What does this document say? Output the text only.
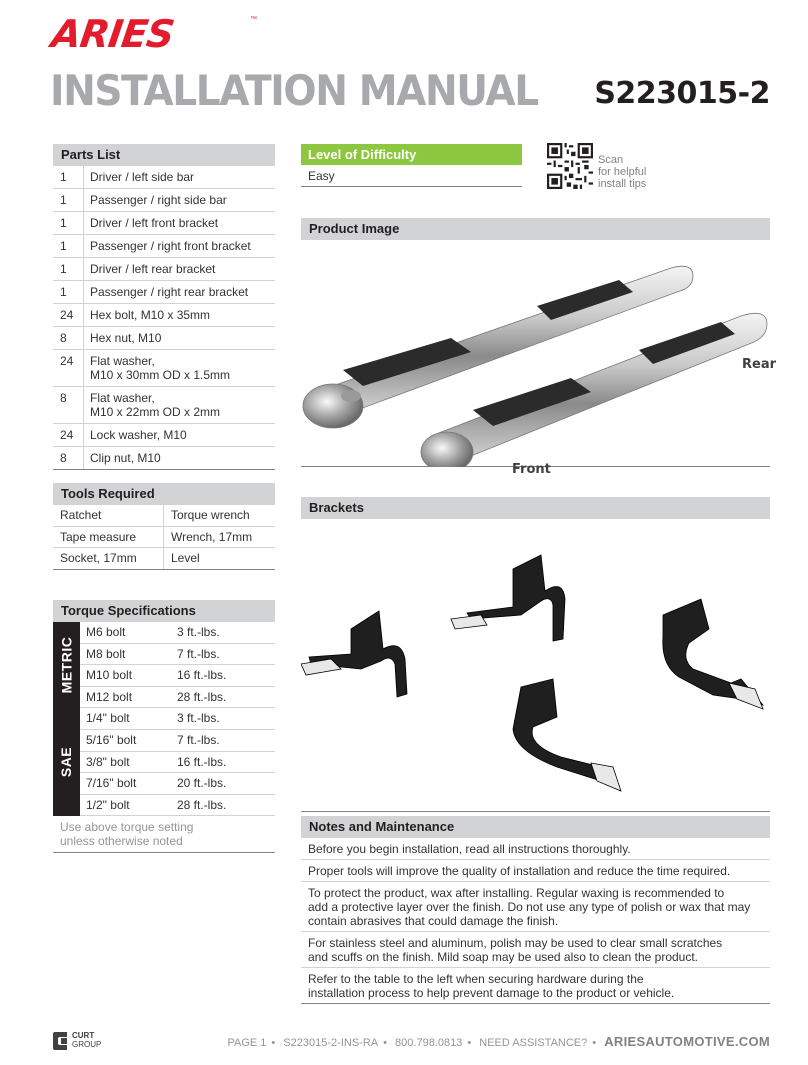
ARIES	™
INSTALLATION MANUAL S223015-2
Parts List
1	Driver / left side bar
1	Passenger / right side bar
1	Driver / left front bracket
1	Passenger / right front bracket
1	Driver / left rear bracket
1	Passenger / right rear bracket
24	Hex bolt, M10 x 35mm
8	Hex nut, M10
24	Flat washer,
M10 x 30mm OD x 1.5mm
8	Flat washer,
M10 x 22mm OD x 2mm
24	Lock washer, M10
8	Clip nut, M10
Tools Required
Ratchet	Torque wrench
Tape measure	Wrench, 17mm
Socket, 17mm	Level
Torque Specifications
METRIC
M6 bolt	3 ft.-lbs.
M8 bolt	7 ft.-lbs.
M10 bolt	16 ft.-lbs.
M12 bolt	28 ft.-lbs.
SAE
1/4" bolt	3 ft.-lbs.
5/16" bolt	7 ft.-lbs.
3/8" bolt	16 ft.-lbs.
7/16" bolt	20 ft.-lbs.
1/2" bolt	28 ft.-lbs.
Use above torque setting
unless otherwise noted
Level of Difficulty
Easy
Scan
for helpful
install tips
Product Image
Rear
Front
Brackets
Notes and Maintenance
Before you begin installation, read all instructions thoroughly.
Proper tools will improve the quality of installation and reduce the time required.
To protect the product, wax after installing. Regular waxing is recommended to
add a protective layer over the finish. Do not use any type of polish or wax that may
contain abrasives that could damage the finish.
For stainless steel and aluminum, polish may be used to clear small scratches
and scuffs on the finish. Mild soap may be used also to clean the product.
Refer to the table to the left when securing hardware during the
installation process to help prevent damage to the product or vehicle.
CURT
GROUP	PAGE 1 • S223015-2-INS-RA • 800.798.0813 • NEED ASSISTANCE? • ARIESAUTOMOTIVE.COM
